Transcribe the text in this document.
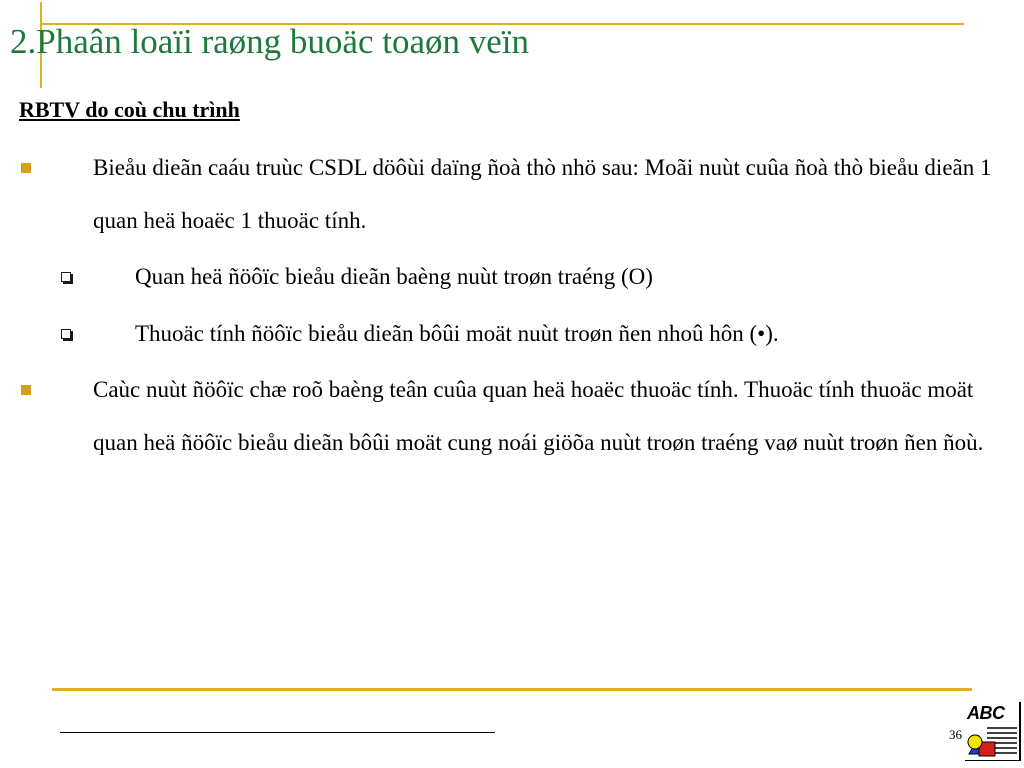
2.Phaân loaïi raøng buoäc toaøn veïn
RBTV do coù chu trình
Bieåu dieãn caáu truùc CSDL döôùi daïng ñoà thò nhö sau: Moãi nuùt cuûa ñoà thò bieåu dieãn 1 quan heä hoaëc 1 thuoäc tính.
Quan heä ñöôïc bieåu dieãn baèng nuùt troøn traéng (O)
Thuoäc tính ñöôïc bieåu dieãn bôûi moät nuùt troøn ñen nhoû hôn (•).
Caùc nuùt ñöôïc chæ roõ baèng teân cuûa quan heä hoaëc thuoäc tính. Thuoäc tính thuoäc moät quan heä ñöôïc bieåu dieãn bôûi moät cung noái giöõa nuùt troøn traéng vaø nuùt troøn ñen ñoù.
36
ABC
